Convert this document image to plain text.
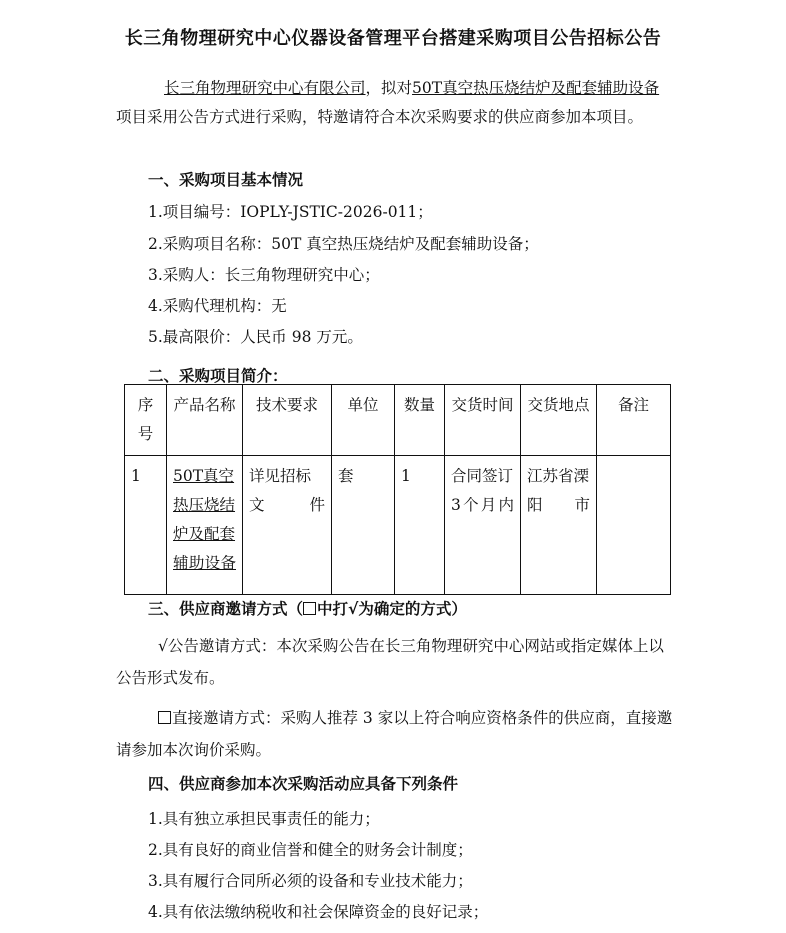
长三角物理研究中心仪器设备管理平台搭建采购项目公告招标公告
长三角物理研究中心有限公司，拟对50T真空热压烧结炉及配套辅助设备项目采用公告方式进行采购，特邀请符合本次采购要求的供应商参加本项目。
一、采购项目基本情况
1.项目编号：IOPLY-JSTIC-2026-011；
2.采购项目名称：50T 真空热压烧结炉及配套辅助设备；
3.采购人：长三角物理研究中心；
4.采购代理机构：无
5.最高限价：人民币 98 万元。
二、采购项目简介：
序号	产品名称	技术要求	单位	数量	交货时间	交货地点	备注
1	50T真空热压烧结炉及配套辅助设备	详见招标文件	套	1	合同签订3个月内	江苏省溧阳市	
三、供应商邀请方式（ 中打√为确定的方式）
√公告邀请方式：本次采购公告在长三角物理研究中心网站或指定媒体上以公告形式发布。
直接邀请方式：采购人推荐 3 家以上符合响应资格条件的供应商，直接邀请参加本次询价采购。
四、供应商参加本次采购活动应具备下列条件
1.具有独立承担民事责任的能力；
2.具有良好的商业信誉和健全的财务会计制度；
3.具有履行合同所必须的设备和专业技术能力；
4.具有依法缴纳税收和社会保障资金的良好记录；
